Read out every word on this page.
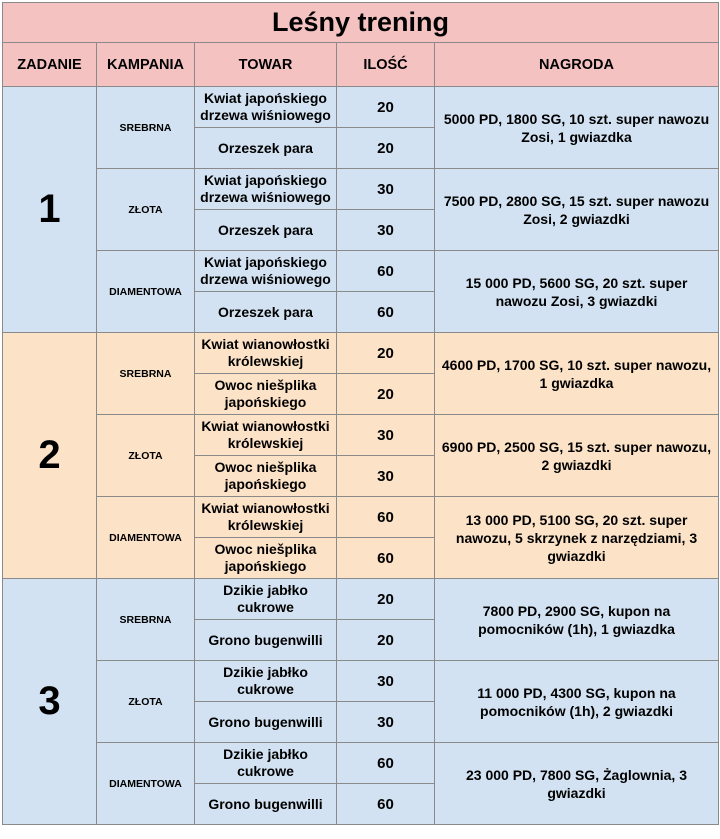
Leśny trening				
ZADANIE	KAMPANIA	TOWAR	ILOŚĆ	NAGRODA
1	SREBRNA	Kwiat japońskiego drzewa wiśniowego	20	5000 PD, 1800 SG, 10 szt. super nawozu Zosi, 1 gwiazdka
		Orzeszek para	20	
	ZŁOTA	Kwiat japońskiego drzewa wiśniowego	30	7500 PD, 2800 SG, 15 szt. super nawozu Zosi, 2 gwiazdki
		Orzeszek para	30	
	DIAMENTOWA	Kwiat japońskiego drzewa wiśniowego	60	15 000 PD, 5600 SG, 20 szt. super nawozu Zosi, 3 gwiazdki
		Orzeszek para	60	
2	SREBRNA	Kwiat wianowłostki królewskiej	20	4600 PD, 1700 SG, 10 szt. super nawozu, 1 gwiazdka
		Owoc niešplika japońskiego	20	
	ZŁOTA	Kwiat wianowłostki królewskiej	30	6900 PD, 2500 SG, 15 szt. super nawozu, 2 gwiazdki
		Owoc niešplika japońskiego	30	
	DIAMENTOWA	Kwiat wianowłostki królewskiej	60	13 000 PD, 5100 SG, 20 szt. super nawozu, 5 skrzynek z narzędziami, 3 gwiazdki
		Owoc niešplika japońskiego	60	
3	SREBRNA	Dzikie jabłko cukrowe	20	7800 PD, 2900 SG, kupon na pomocników (1h), 1 gwiazdka
		Grono bugenwilli	20	
	ZŁOTA	Dzikie jabłko cukrowe	30	11 000 PD, 4300 SG, kupon na pomocników (1h), 2 gwiazdki
		Grono bugenwilli	30	
	DIAMENTOWA	Dzikie jabłko cukrowe	60	23 000 PD, 7800 SG, Żaglownia, 3 gwiazdki
		Grono bugenwilli	60	
